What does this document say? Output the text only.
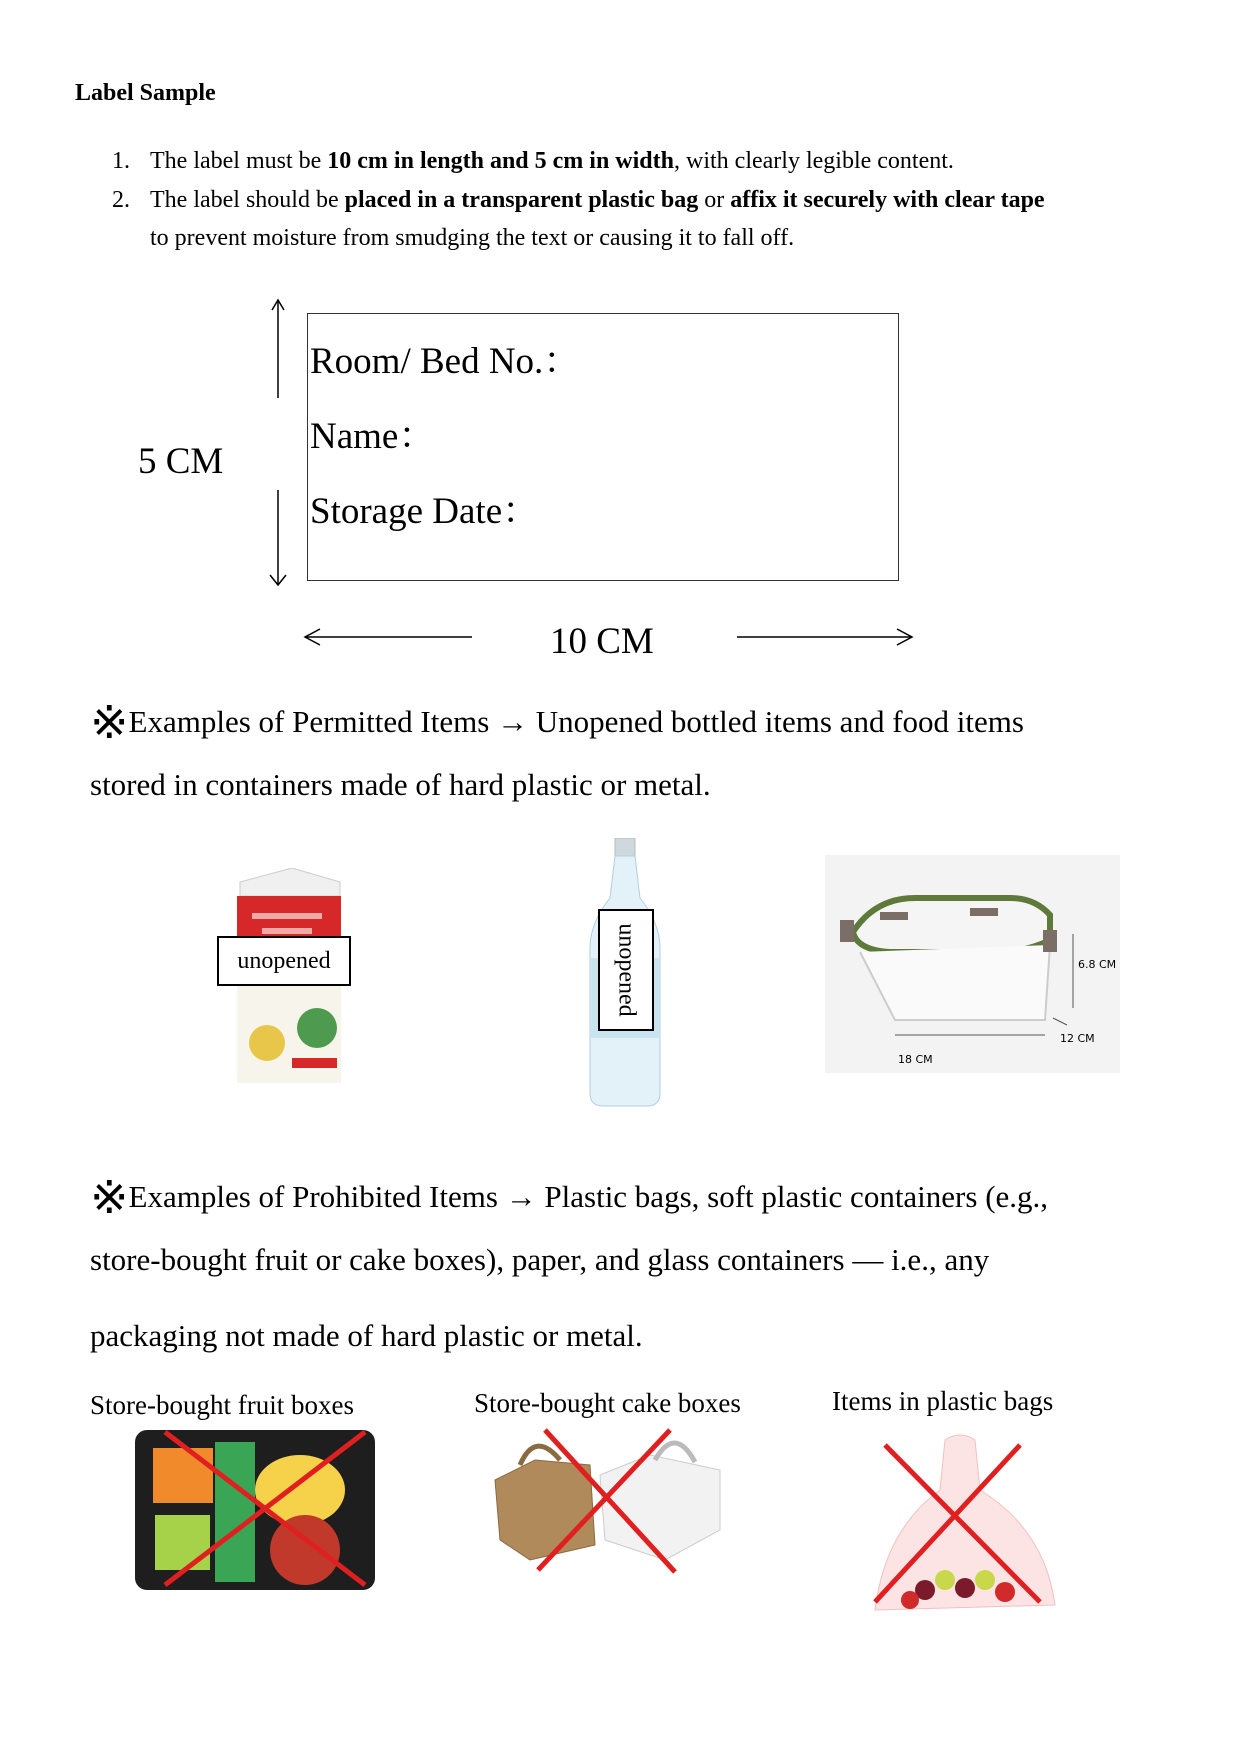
Label Sample
1. The label must be 10 cm in length and 5 cm in width, with clearly legible content.
2. The label should be placed in a transparent plastic bag or affix it securely with clear tape
to prevent moisture from smudging the text or causing it to fall off.
5 CM
10 CM
Room/ Bed No.：
Name：
Storage Date：
※Examples of Permitted Items → Unopened bottled items and food items
stored in containers made of hard plastic or metal.
unopened	unopened	6.8 CM
12 CM
18 CM
※Examples of Prohibited Items → Plastic bags, soft plastic containers (e.g.,
store-bought fruit or cake boxes), paper, and glass containers — i.e., any
packaging not made of hard plastic or metal.
Store-bought fruit boxes	Store-bought cake boxes	Items in plastic bags
